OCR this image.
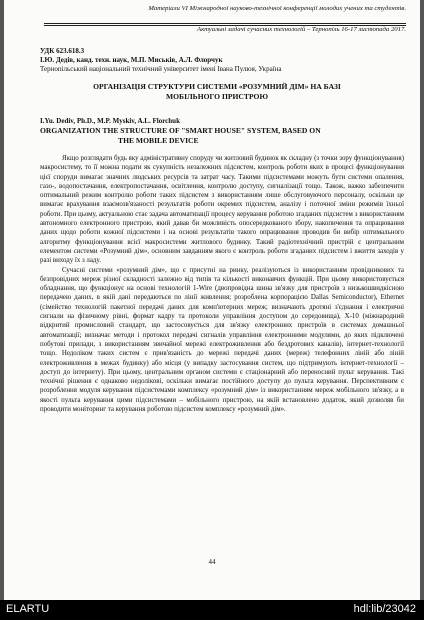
Матеріали VI Міжнародної науково-технічної конференції молодих учених та студентів.
Актуальні задачі сучасних технологій – Тернопіль 16-17 листопада 2017.
УДК 623.618.3
І.Ю. Дедів, канд. техн. наук, М.П. Миськів, А.Л. Флорчук
Тернопільський національний технічний університет імені Івана Пулюя, Україна
ОРГАНІЗАЦІЯ СТРУКТУРИ СИСТЕМИ «РОЗУМНИЙ ДІМ» НА БАЗІ
МОБІЛЬНОГО ПРИСТРОЮ
I.Yu. Dediv, Ph.D., M.P. Myskiv, A.L. Florchuk
ORGANIZATION THE STRUCTURE OF "SMART HOUSE" SYSTEM, BASED ON
THE MOBILE DEVICE

Якщо розглядати будь яку адміністративну споруду чи житловий будинок як складну (з точки зору функціонування) макросистему, то її можна подати як сукупність незалежних підсистем, контроль роботи яких в процесі функціонування цієї споруди вимагає значних людських ресурсів та затрат часу. Такими підсистемами можуть бути системи опалення, газо-, водопостачання, електропостачання, освітлення, контролю доступу, сигналізації тощо. Також, важко забезпечити оптимальний режим контролю роботи таких підсистем з використанням лише обслуговуючого персоналу, оскільки це вимагає врахування взаємозв'язаності результатів роботи окремих підсистем, аналізу і поточної зміни режимів їхньої роботи. При цьому, актуальною стає задача автоматизації процесу керування роботою згаданих підсистем з використанням автономного електронного пристрою, який давав би можливість опосередкованого збору, накопичення та опрацювання даних щодо роботи кожної підсистеми і на основі результатів такого опрацювання проводив би вибір оптимального алгоритму функціонування всієї макросистеми житлового будинку. Такий радіотехнічний пристрій є центральним елементом системи «Розумний дім», основним завданням якого є контроль роботи згаданих підсистем і вжиття заходів у разі виходу їх з ладу.

Сучасні системи «розумний дім», що є присутні на ринку, реалізуються із використанням провідникових та безпровідних мереж різної складності залежно від типів та кількості виконавчих функцій. При цьому використовується обладнання, що функціонує на основі технологій 1-Wire (двопровідна шина зв'язку для пристроїв з низькошвидкісною передачею даних, в якій дані передаються по лінії живлення; розроблена корпорацією Dallas Semiconductor), Ethernet (сімейство технологій пакетної передачі даних для комп'ютерних мереж; визначають дротяні з'єднання і електричні сигнали на фізичному рівні, формат кадру та протоколи управління доступом до середовища), X-10 (міжнародний відкритий промисловий стандарт, що застосовується для зв'язку електронних пристроїв в системах домашньої автоматизації; визначає методи і протокол передачі сигналів управління електронними модулями, до яких підключені побутові прилади, з використанням звичайної мережі електроживлення або бездротових каналів), інтернет-технології тощо. Недоліком таких систем є прив'язаність до мережі передачі даних (мереж) телефонних ліній або ліній електроживлення в межах будинку) або місця (у випадку застосування систем, що підтримують інтернет-технології – доступ до інтернету). При цьому, центральним органом системи є стаціонарний або переносний пульт керування. Такі технічні рішення є однаково недолікові, оскільки вимагає постійного доступу до пульта керування. Перспективним є розроблення модуля керування підсистемами комплексу «розумний дім» із використанням мереж мобільного зв'язку, а в якості пульта керування цими підсистемами – мобільного пристрою, на якій встановлено додаток, який дозволяв би проводити моніторинг та керування роботою підсистем комплексу «розумний дім».

44
ELARTU	hdl:lib/23042
